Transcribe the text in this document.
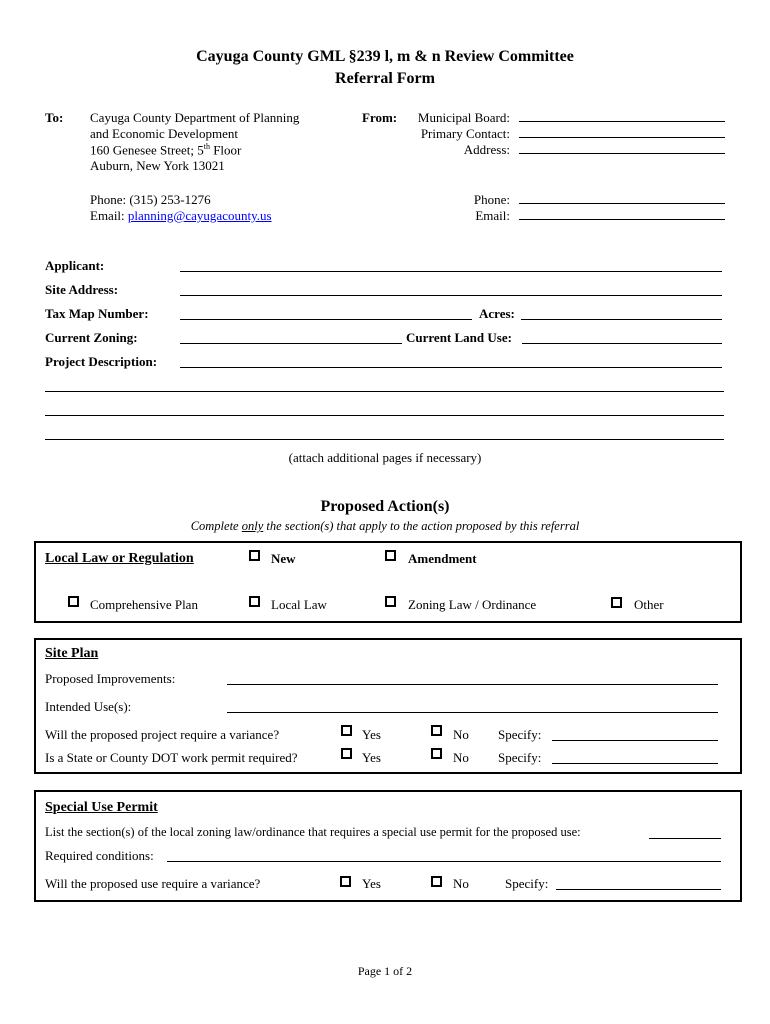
Cayuga County GML §239 l, m & n Review Committee
Referral Form
To: Cayuga County Department of Planning
and Economic Development
160 Genesee Street; 5th Floor
Auburn, New York 13021
Phone: (315) 253-1276
Email: planning@cayugacounty.us
From:	Municipal Board:
Primary Contact:
Address:
Phone:
Email:
Applicant:
Site Address:
Tax Map Number:	Acres:
Current Zoning:	Current Land Use:
Project Description:
(attach additional pages if necessary)
Proposed Action(s)
Complete only the section(s) that apply to the action proposed by this referral
Local Law or Regulation	New	Amendment
Comprehensive Plan	Local Law	Zoning Law / Ordinance	Other
Site Plan
Proposed Improvements:
Intended Use(s):
Will the proposed project require a variance?	Yes	No Specify:
Is a State or County DOT work permit required?	Yes	No Specify:
Special Use Permit
List the section(s) of the local zoning law/ordinance that requires a special use permit for the proposed use:
Required conditions:
Will the proposed use require a variance?	Yes	No	Specify:
Page 1 of 2
